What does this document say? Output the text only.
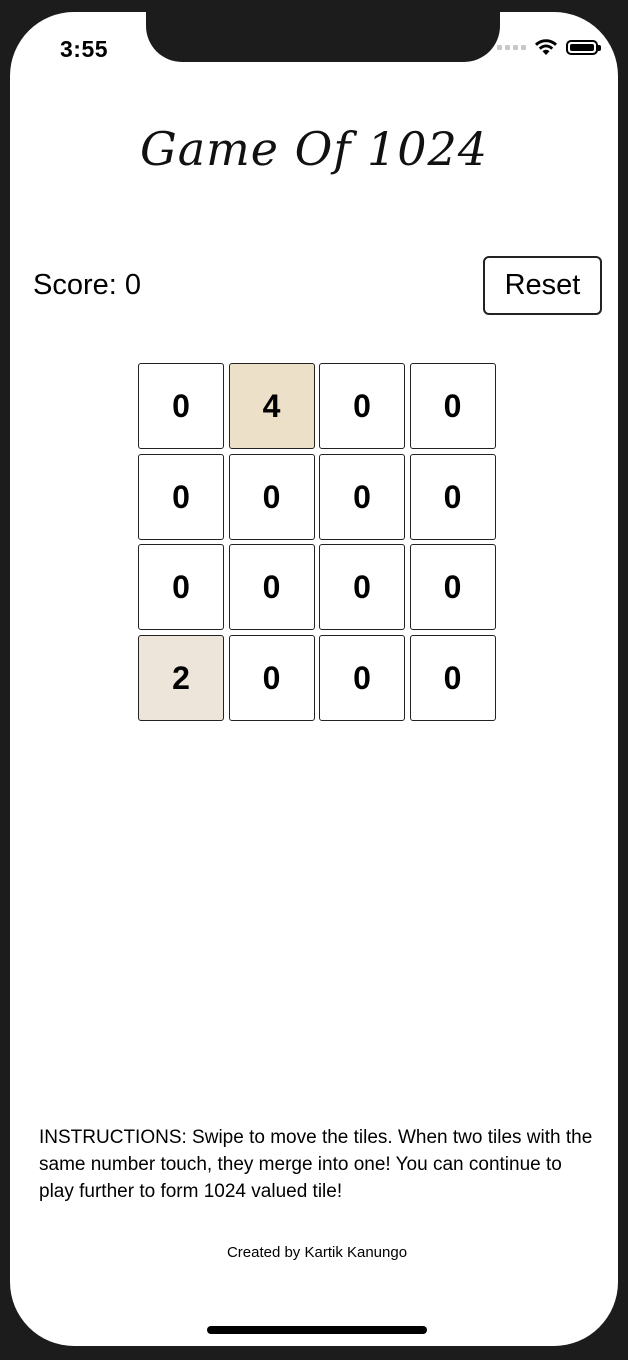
3:55
Game Of 1024
Score: 0	Reset
0	4	0	0
0	0	0	0
0	0	0	0
2	0	0	0
INSTRUCTIONS: Swipe to move the tiles. When two tiles with the same number touch, they merge into one! You can continue to play further to form 1024 valued tile!
Created by Kartik Kanungo
